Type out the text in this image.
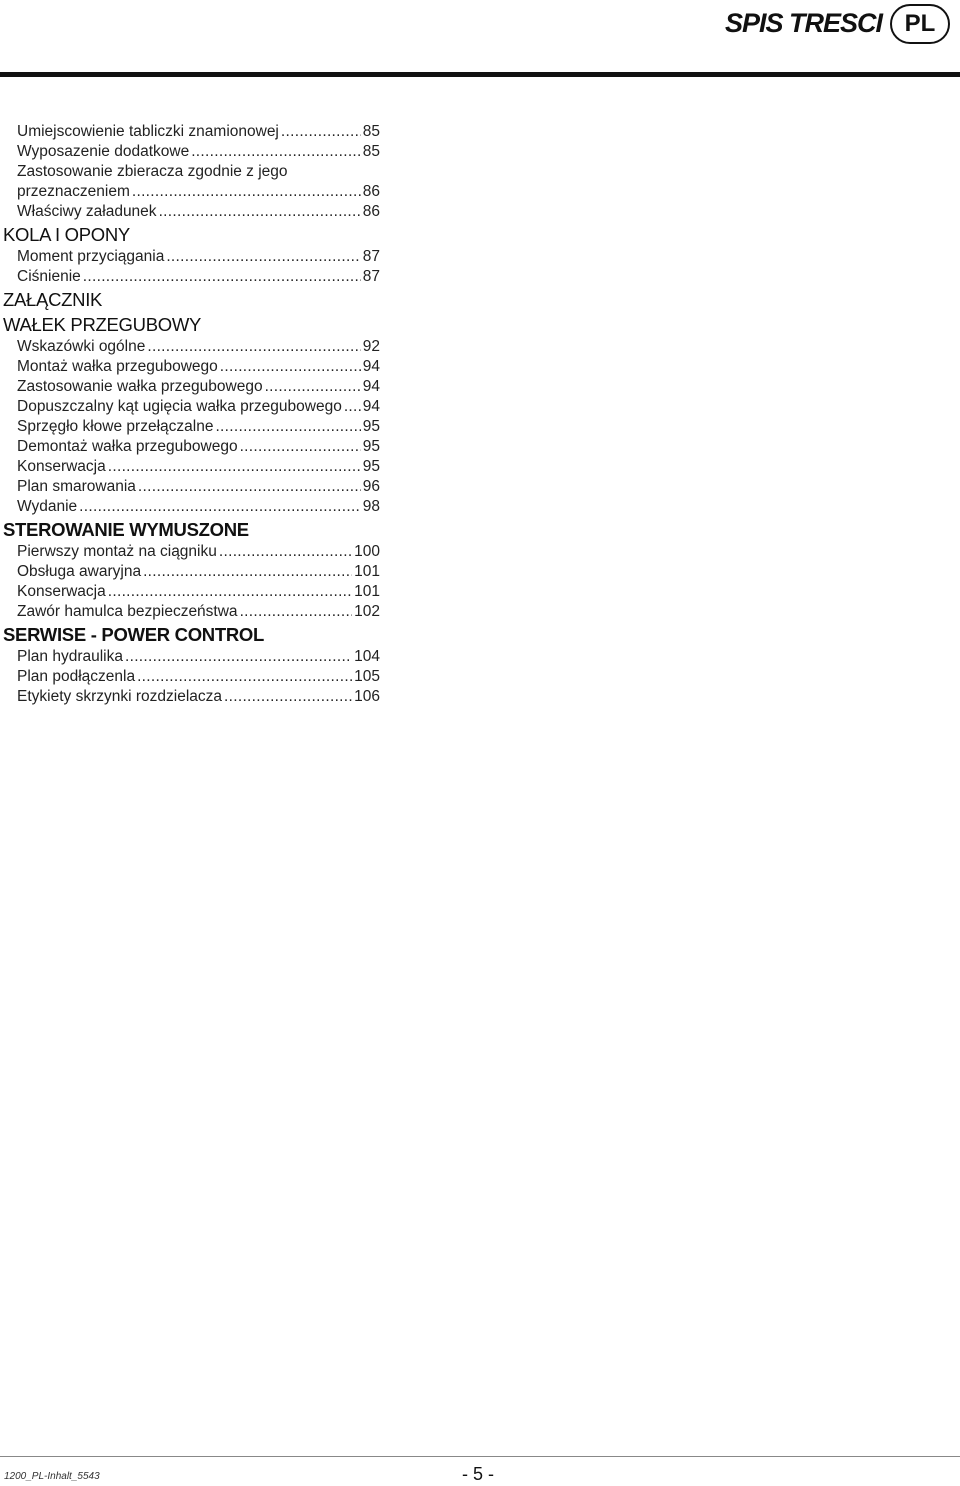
SPIS TRESCI PL
Umiejscowienie tabliczki znamionowej .....	85
Wyposazenie dodatkowe .....	85
Zastosowanie zbieracza zgodnie z jego
przeznaczeniem .....	86
Właściwy załadunek .....	86
KOLA I OPONY
Moment przyciągania .....	87
Ciśnienie .....	87
ZAŁĄCZNIK
WAŁEK PRZEGUBOWY
Wskazówki ogólne .....	92
Montaż wałka przegubowego .....	94
Zastosowanie wałka przegubowego .....	94
Dopuszczalny kąt ugięcia wałka przegubowego ..... 94
Sprzęgło kłowe przełączalne .....	95
Demontaż wałka przegubowego .....	95
Konserwacja .....	95
Plan smarowania .....	96
Wydanie .....	98
STEROWANIE WYMUSZONE
Pierwszy montaż na ciągniku .....	100
Obsługa awaryjna .....	101
Konserwacja .....	101
Zawór hamulca bezpieczeństwa .....	102
SERWISE - POWER CONTROL
Plan hydraulika .....	104
Plan podłączenla .....	105
Etykiety skrzynki rozdzielacza .....	106
1200_PL-Inhalt_5543	- 5 -
